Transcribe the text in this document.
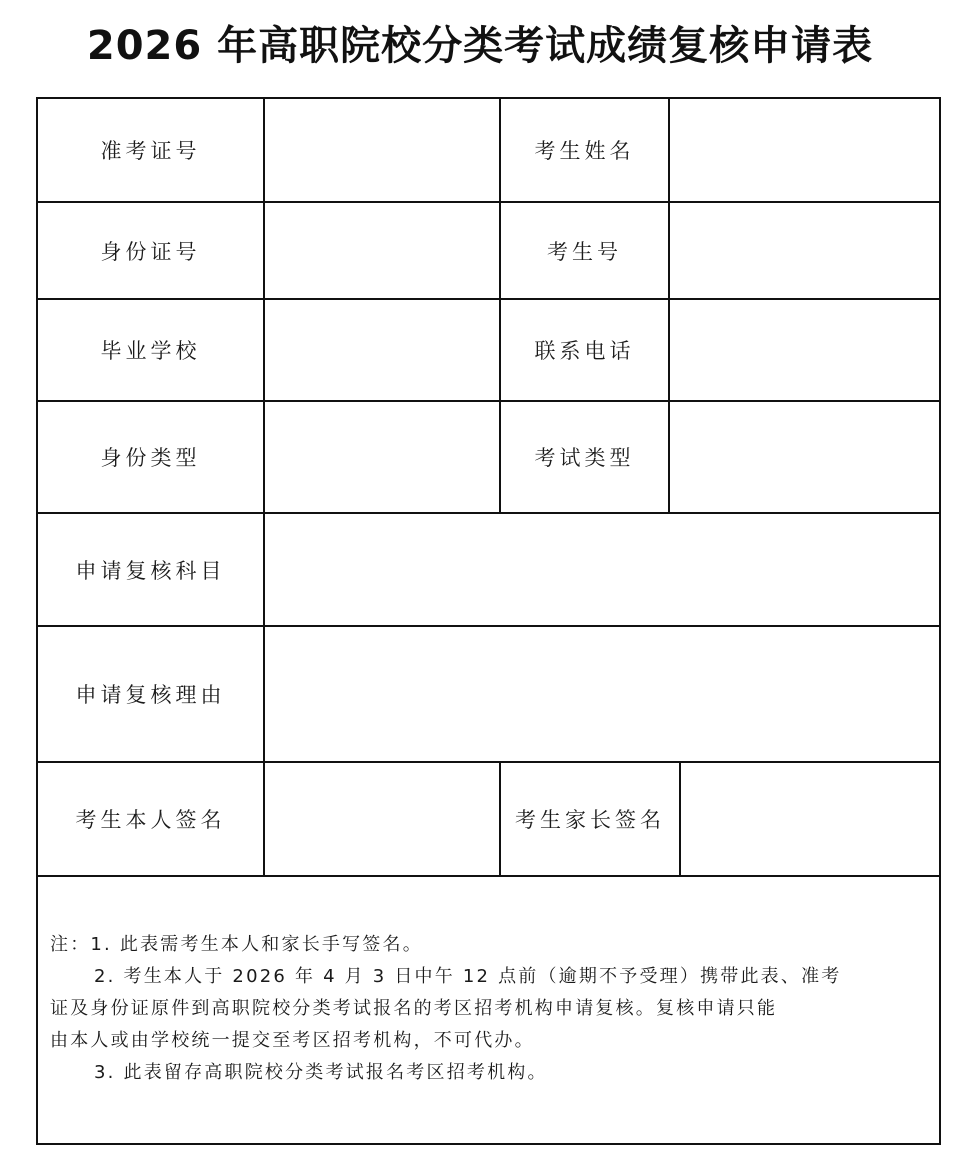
2026 年高职院校分类考试成绩复核申请表
准考证号	考生姓名
身份证号	考生号
毕业学校	联系电话
身份类型	考试类型
申请复核科目
申请复核理由
考生本人签名	考生家长签名
注：1. 此表需考生本人和家长手写签名。
2. 考生本人于 2026 年 4 月 3 日中午 12 点前（逾期不予受理）携带此表、准考
证及身份证原件到高职院校分类考试报名的考区招考机构申请复核。复核申请只能
由本人或由学校统一提交至考区招考机构，不可代办。
3. 此表留存高职院校分类考试报名考区招考机构。
